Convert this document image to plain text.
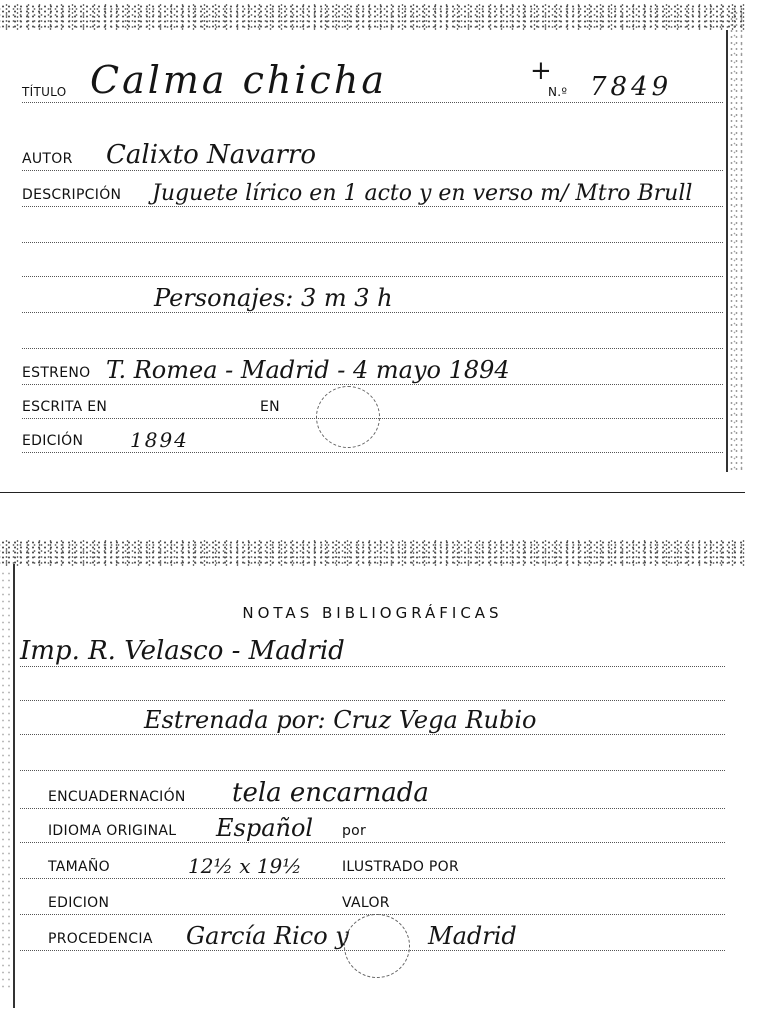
TÍTULO Calma chicha	+
N.º 7849
AUTOR Calixto Navarro
DESCRIPCIÓN Juguete lírico en 1 acto y en verso m/ Mtro Brull
Personajes: 3 m 3 h
ESTRENO T. Romea - Madrid - 4 mayo 1894
ESCRITA EN	EN
EDICIÓN 1894
NOTAS BIBLIOGRÁFICAS
Imp. R. Velasco - Madrid
Estrenada por: Cruz Vega Rubio
ENCUADERNACIÓN tela encarnada
IDIOMA ORIGINAL Español por
TAMAÑO	12½ x 19½	ILUSTRADO POR
EDICION	VALOR
PROCEDENCIA García Rico y	Madrid
